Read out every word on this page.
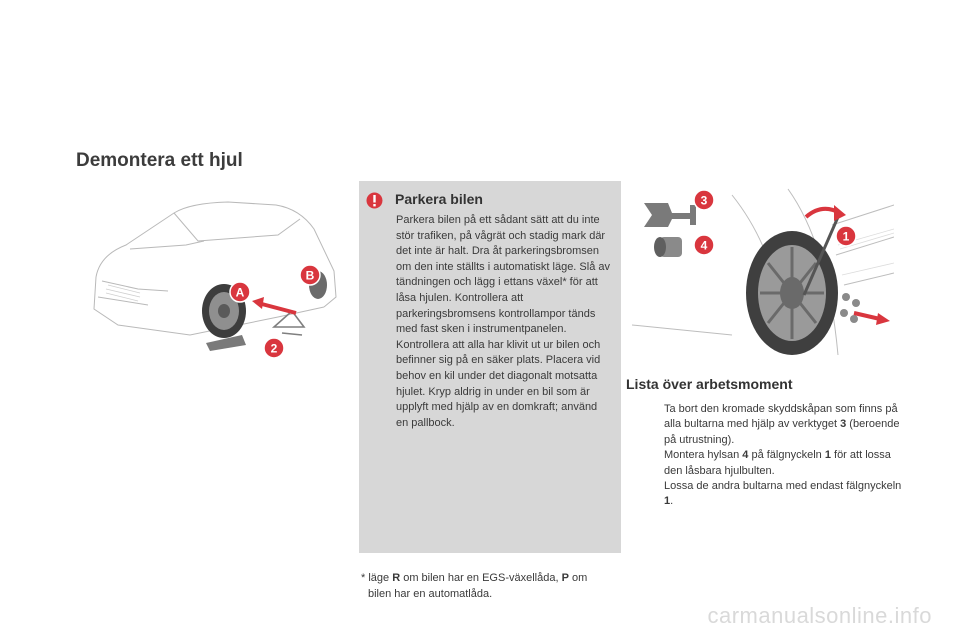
Demontera ett hjul
A
B
2
Parkera bilen

Parkera bilen på ett sådant sätt att du inte stör trafiken, på vågrät och stadig mark där det inte är halt. Dra åt parkeringsbromsen om den inte ställts i automatiskt läge. Slå av tändningen och lägg i ettans växel* för att låsa hjulen. Kontrollera att parkeringsbromsens kontrollampor tänds med fast sken i instrumentpanelen. Kontrollera att alla har klivit ut ur bilen och befinner sig på en säker plats. Placera vid behov en kil under det diagonalt motsatta hjulet. Kryp aldrig in under en bil som är upplyft med hjälp av en domkraft; använd en pallbock.

* läge R om bilen har en EGS-växellåda, P om
bilen har en automatlåda.
3
4
1
Lista över arbetsmoment
Ta bort den kromade skyddskåpan som finns på alla bultarna med hjälp av verktyget 3 (beroende på utrustning).
Montera hylsan 4 på fälgnyckeln 1 för att lossa den låsbara hjulbulten.
Lossa de andra bultarna med endast fälgnyckeln 1.
carmanualsonline.info
